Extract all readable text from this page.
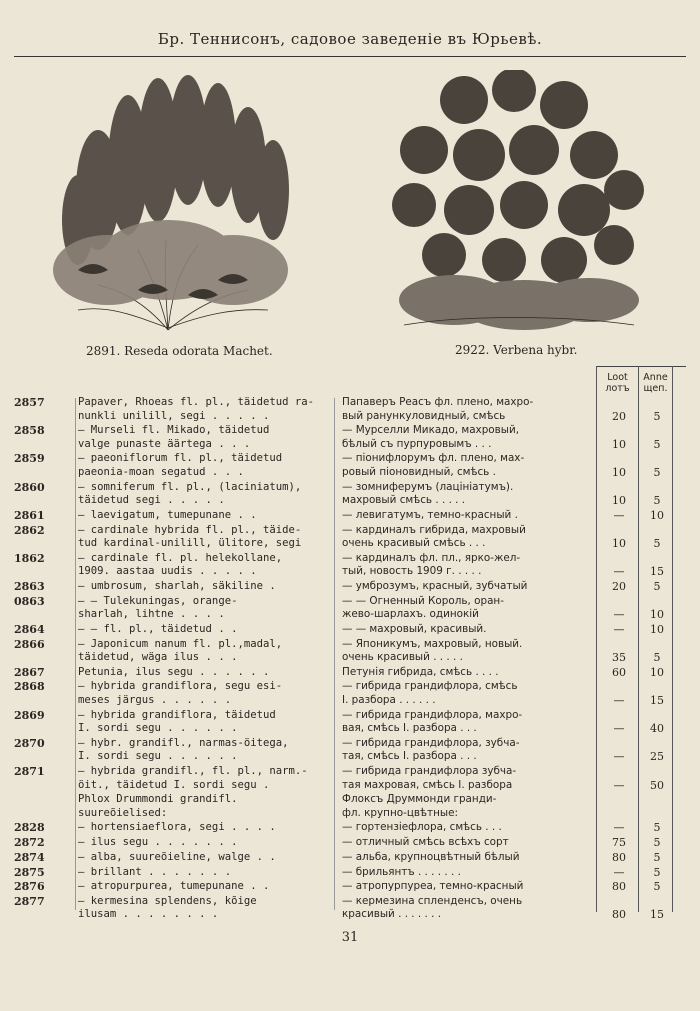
Бр. Теннисонъ, садовое заведеніе въ Юрьевѣ.
2891. Reseda odorata Machet.	2922. Verbena hybr.
Loot
лотъ
Anne
щеп.
2857	Papaver, Rhoeas fl. pl., täidetud ra-
nunkli unilill, segi . . . . .
Папаверъ Реасъ фл. плено, махро-
вый ранункуловидный, смѣсь	20	5
2858	— Murseli fl. Mikado, täidetud
valge punaste äärtega . . .
— Мурселли Микадо, махровый,
бѣлый съ пурпуровымъ . . .	10	5
2859	— paeoniflorum fl. pl., täidetud
paeonia-moan segatud . . .
— піонифлорумъ фл. плено, мах-
ровый піоновидный, смѣсь .	10	5
2860	— somniferum fl. pl., (laciniatum),
täidetud segi . . . . .
— зомниферумъ (лацініатумъ).
махровый смѣсь . . . . .	10	5
2861	— laevigatum, tumepunane . .	— левигатумъ, темно-красный .	—	10
2862	— cardinale hybrida fl. pl., täide-
tud kardinal-unilill, ülitore, segi
— кардиналъ гибрида, махровый
очень красивый смѣсь . . .	10	5
1862	— cardinale fl. pl. helekollane,
1909. aastaa uudis . . . . .
— кардиналъ фл. пл., ярко-жел-
тый, новость 1909 г. . . . .	—	15
2863	— umbrosum, sharlah, säkiline .	— умброзумъ, красный, зубчатый	20	5
0863	— — Tulekuningas, orange-
sharlah, lihtne . . . .
— — Огненный Король, оран-
жево-шарлахъ. одинокій	—	10
2864	— — fl. pl., täidetud . .	— — махровый, красивый.	—	10
2866	— Japonicum nanum fl. pl.,madal,
täidetud, wäga ilus . . .
— Японикумъ, махровый, новый.
очень красивый . . . . .	35	5
2867	Petunia, ilus segu . . . . . .	Петунія гибрида, смѣсь . . . .	60	10
2868	— hybrida grandiflora, segu esi-
meses järgus . . . . . .
— гибрида грандифлора, смѣсь
I. разбора . . . . . .	—	15
2869	— hybrida grandiflora, täidetud
I. sordi segu . . . . . .
— гибрида грандифлора, махро-
вая, смѣсь I. разбора . . .	—	40
2870	— hybr. grandifl., narmas-öitega,
I. sordi segu . . . . . .
— гибрида грандифлора, зубча-
тая, смѣсь I. разбора . . .	—	25
2871	— hybrida grandifl., fl. pl., narm.-
öit., täidetud I. sordi segu .
— гибрида грандифлора зубча-
тая махровая, смѣсь I. разбора	—	50
Phlox Drummondi grandifl.
suureõielised:
Флоксъ Друммонди гранди-
фл. крупно-цвѣтные:
2828	— hortensiaeflora, segi . . . .	— гортензіефлора, смѣсь . . .	—	5
2872	— ilus segu . . . . . . .	— отличный смѣсь всѣхъ сорт	75	5
2874	— alba, suureõieline, walge . .	— альба, крупноцвѣтный бѣлый	80	5
2875	— brillant . . . . . . .	— брильянтъ . . . . . . .	—	5
2876	— atropurpurea, tumepunane . .	— атропурпуреа, темно-красный	80	5
2877	— kermesina splendens, kõige
ilusam . . . . . . . .
— кермезина спленденсъ, очень
красивый . . . . . . .	80	15
31
